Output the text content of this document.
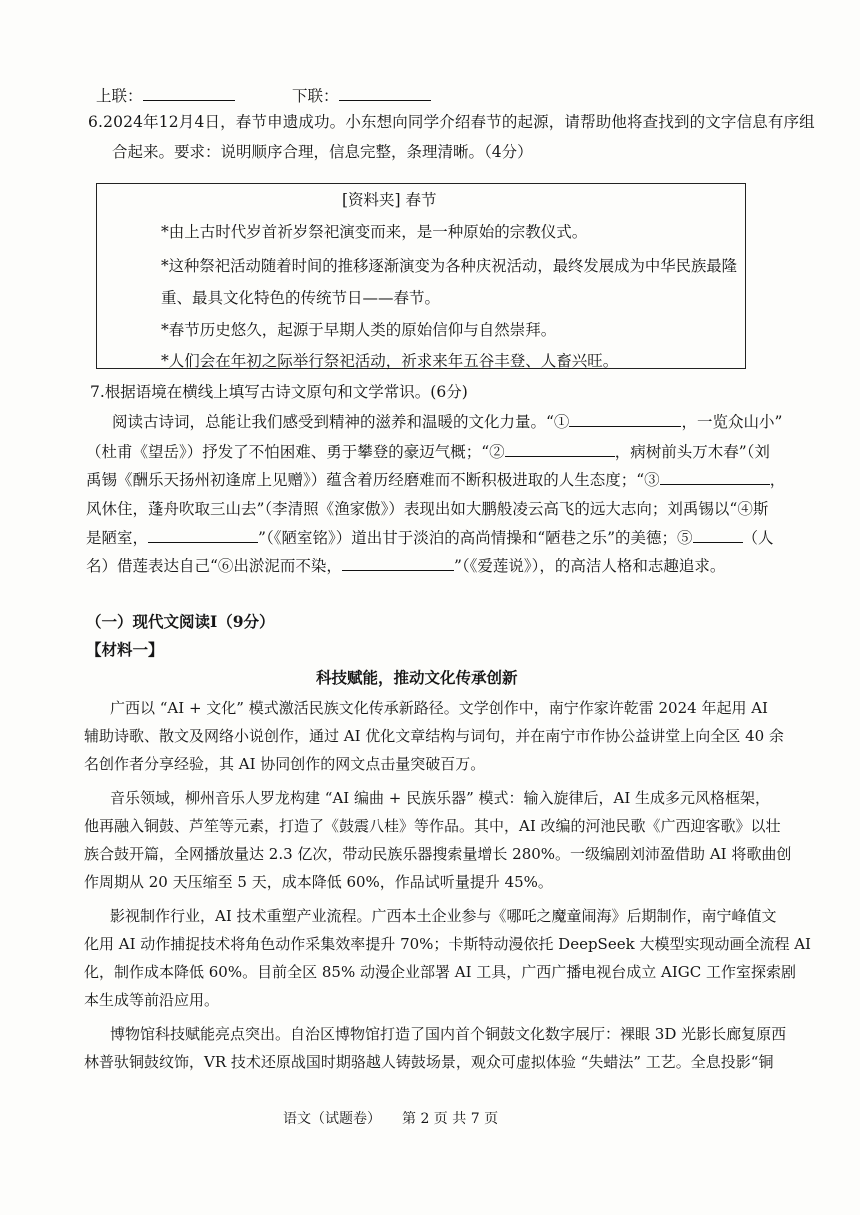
上联：	下联：
6.2024年12月4日，春节申遗成功。小东想向同学介绍春节的起源，请帮助他将查找到的文字信息有序组
合起来。要求：说明顺序合理，信息完整，条理清晰。（4分）
[资料夹] 春节
*由上古时代岁首祈岁祭祀演变而来，是一种原始的宗教仪式。
*这种祭祀活动随着时间的推移逐渐演变为各种庆祝活动，最终发展成为中华民族最隆
重、最具文化特色的传统节日——春节。
*春节历史悠久，起源于早期人类的原始信仰与自然崇拜。
*人们会在年初之际举行祭祀活动，祈求来年五谷丰登、人畜兴旺。
7.根据语境在横线上填写古诗文原句和文学常识。(6分)
阅读古诗词，总能让我们感受到精神的滋养和温暖的文化力量。“①	，一览众山小”
（杜甫《望岳》）抒发了不怕困难、勇于攀登的豪迈气概；“②	，病树前头万木春”（刘
禹锡《酬乐天扬州初逢席上见赠》）蕴含着历经磨难而不断积极进取的人生态度；“③	，
风休住，蓬舟吹取三山去”（李清照《渔家傲》）表现出如大鹏般凌云高飞的远大志向；刘禹锡以“④斯
是陋室，	”（《陋室铭》）道出甘于淡泊的高尚情操和“陋巷之乐”的美德；⑤	（人
名）借莲表达自己“⑥出淤泥而不染，	”（《爱莲说》），的高洁人格和志趣追求。
（一）现代文阅读Ⅰ（9分）
【材料一】
科技赋能，推动文化传承创新
广西以 “AI + 文化” 模式激活民族文化传承新路径。文学创作中，南宁作家许乾雷 2024 年起用 AI
辅助诗歌、散文及网络小说创作，通过 AI 优化文章结构与词句，并在南宁市作协公益讲堂上向全区 40 余
名创作者分享经验，其 AI 协同创作的网文点击量突破百万。
音乐领域，柳州音乐人罗龙构建 “AI 编曲 + 民族乐器” 模式：输入旋律后，AI 生成多元风格框架，
他再融入铜鼓、芦笙等元素，打造了《鼓震八桂》等作品。其中，AI 改编的河池民歌《广西迎客歌》以壮
族合鼓开篇，全网播放量达 2.3 亿次，带动民族乐器搜索量增长 280%。一级编剧刘沛盈借助 AI 将歌曲创
作周期从 20 天压缩至 5 天，成本降低 60%，作品试听量提升 45%。
影视制作行业，AI 技术重塑产业流程。广西本土企业参与《哪吒之魔童闹海》后期制作，南宁峰值文
化用 AI 动作捕捉技术将角色动作采集效率提升 70%；卡斯特动漫依托 DeepSeek 大模型实现动画全流程 AI
化，制作成本降低 60%。目前全区 85% 动漫企业部署 AI 工具，广西广播电视台成立 AIGC 工作室探索剧
本生成等前沿应用。
博物馆科技赋能亮点突出。自治区博物馆打造了国内首个铜鼓文化数字展厅：裸眼 3D 光影长廊复原西
林普驮铜鼓纹饰，VR 技术还原战国时期骆越人铸鼓场景，观众可虚拟体验 “失蜡法” 工艺。全息投影“铜
语文（试题卷） 第 2 页 共 7 页
